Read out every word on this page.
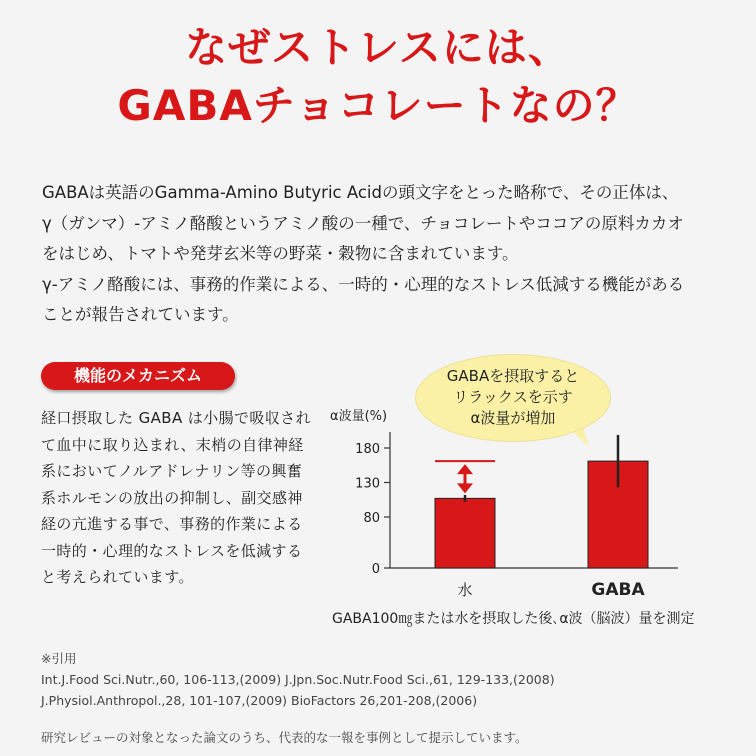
なぜストレスには、
GABAチョコレートなの？
GABAは英語のGamma-Amino Butyric Acidの頭文字をとった略称で、その正体は、
γ（ガンマ）-アミノ酪酸というアミノ酸の一種で、チョコレートやココアの原料カカオ
をはじめ、トマトや発芽玄米等の野菜・穀物に含まれています。
γ-アミノ酪酸には、事務的作業による、一時的・心理的なストレス低減する機能がある
ことが報告されています。
機能のメカニズム
経口摂取した GABA は小腸で吸収され
て血中に取り込まれ、末梢の自律神経
系においてノルアドレナリン等の興奮
系ホルモンの放出の抑制し、副交感神
経の亢進する事で、事務的作業による
一時的・心理的なストレスを低減する
と考えられています。
GABAを摂取すると
リラックスを示す
α波量が増加
α波量(%)
0
80
130
180
水	GABA
GABA100㎎または水を摂取した後､α波（脳波）量を測定
※引用
Int.J.Food Sci.Nutr.,60, 106-113,(2009) J.Jpn.Soc.Nutr.Food Sci.,61, 129-133,(2008)
J.Physiol.Anthropol.,28, 101-107,(2009) BioFactors 26,201-208,(2006)
研究レビューの対象となった論文のうち、代表的な一報を事例として提示しています。
